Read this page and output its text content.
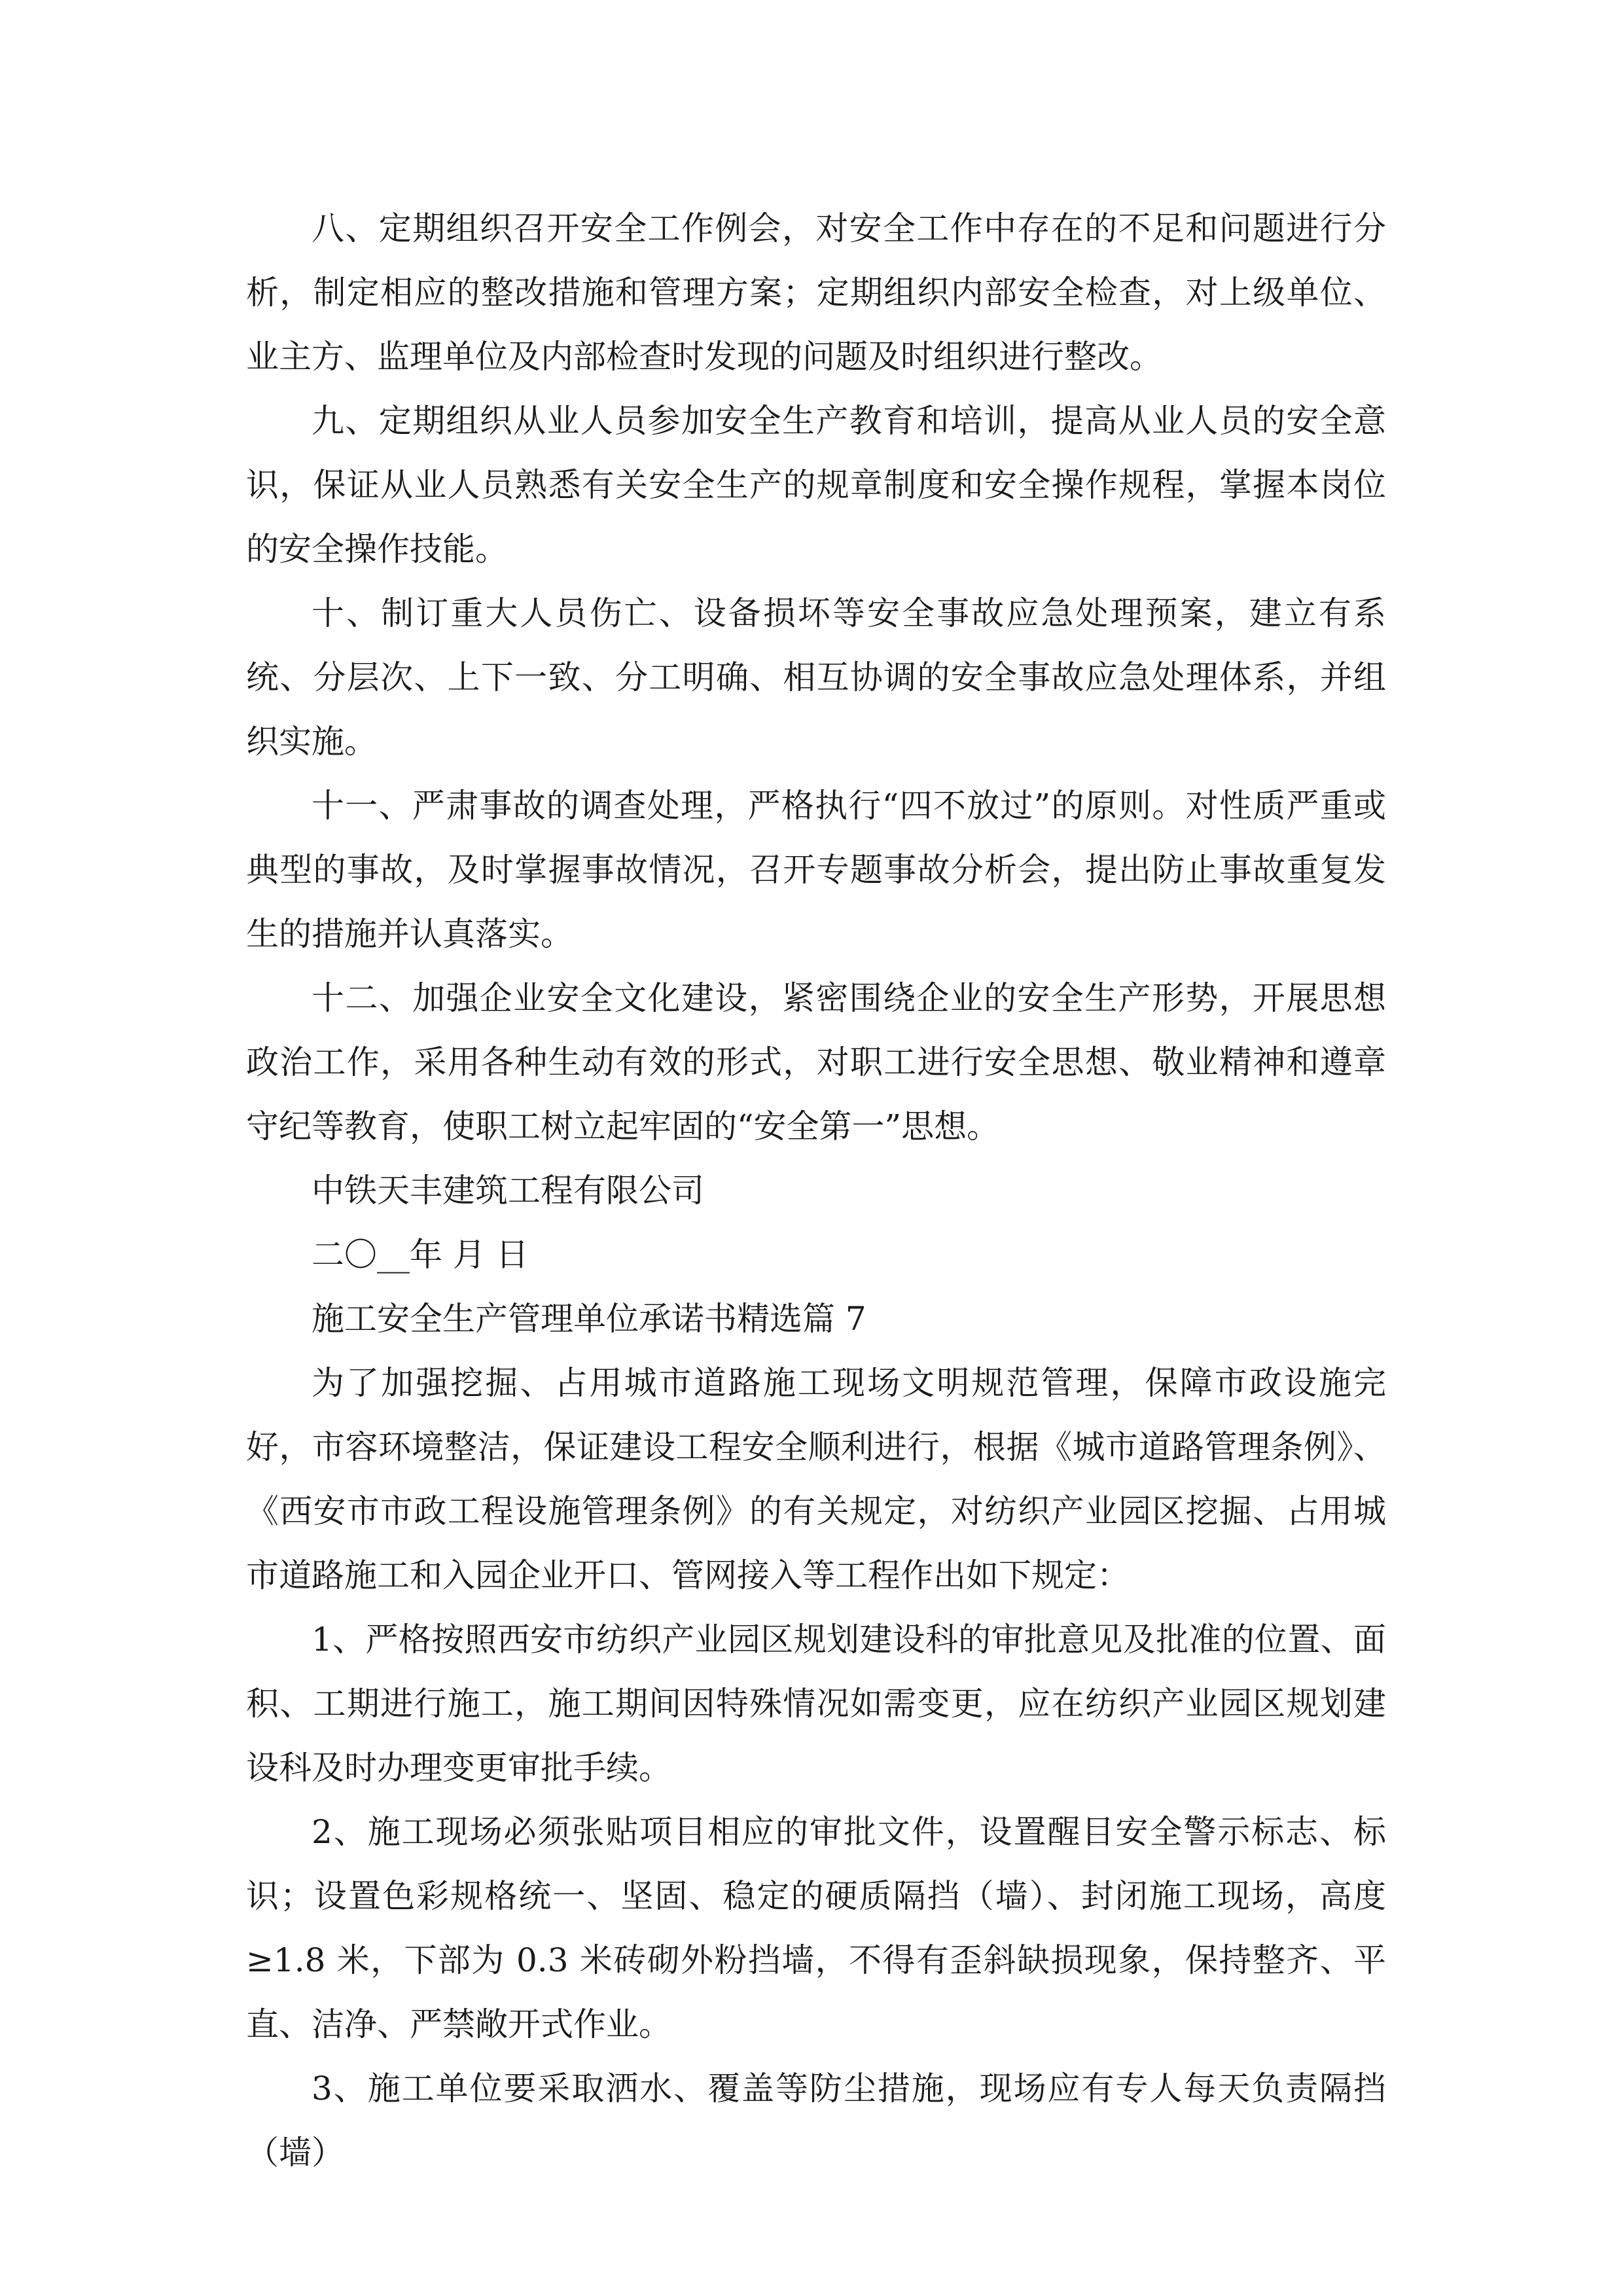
八、定期组织召开安全工作例会，对安全工作中存在的不足和问题进行分析，制定相应的整改措施和管理方案；定期组织内部安全检查，对上级单位、业主方、监理单位及内部检查时发现的问题及时组织进行整改。

九、定期组织从业人员参加安全生产教育和培训，提高从业人员的安全意识，保证从业人员熟悉有关安全生产的规章制度和安全操作规程，掌握本岗位的安全操作技能。

十、制订重大人员伤亡、设备损坏等安全事故应急处理预案，建立有系统、分层次、上下一致、分工明确、相互协调的安全事故应急处理体系，并组织实施。

十一、严肃事故的调查处理，严格执行“四不放过”的原则。对性质严重或典型的事故，及时掌握事故情况，召开专题事故分析会，提出防止事故重复发生的措施并认真落实。

十二、加强企业安全文化建设，紧密围绕企业的安全生产形势，开展思想政治工作，采用各种生动有效的形式，对职工进行安全思想、敬业精神和遵章守纪等教育，使职工树立起牢固的“安全第一”思想。

中铁天丰建筑工程有限公司

二〇__年 月 日

施工安全生产管理单位承诺书精选篇 7

为了加强挖掘、占用城市道路施工现场文明规范管理，保障市政设施完好，市容环境整洁，保证建设工程安全顺利进行，根据《城市道路管理条例》、《西安市市政工程设施管理条例》的有关规定，对纺织产业园区挖掘、占用城市道路施工和入园企业开口、管网接入等工程作出如下规定：

1、严格按照西安市纺织产业园区规划建设科的审批意见及批准的位置、面积、工期进行施工，施工期间因特殊情况如需变更，应在纺织产业园区规划建设科及时办理变更审批手续。

2、施工现场必须张贴项目相应的审批文件，设置醒目安全警示标志、标识；设置色彩规格统一、坚固、稳定的硬质隔挡（墙）、封闭施工现场，高度≥1.8 米，下部为 0.3 米砖砌外粉挡墙，不得有歪斜缺损现象，保持整齐、平直、洁净、严禁敞开式作业。

3、施工单位要采取洒水、覆盖等防尘措施，现场应有专人每天负责隔挡（墙）
